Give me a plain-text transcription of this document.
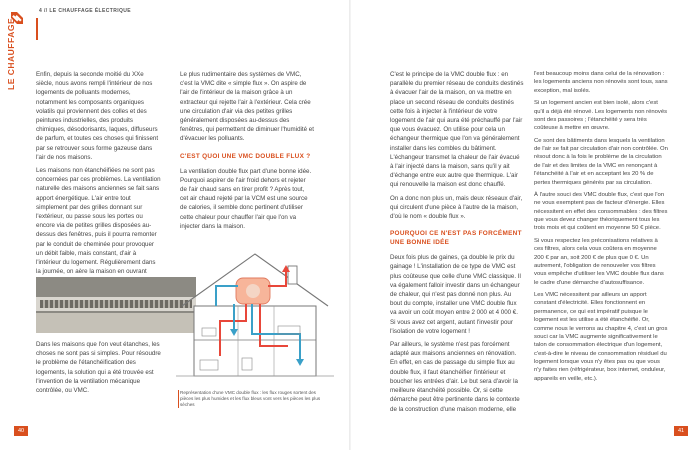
LE CHAUFFAGE
4 // LE CHAUFFAGE ÉLECTRIQUE

Enfin, depuis la seconde moitié du XXe siècle, nous avons rempli l'intérieur de nos logements de polluants modernes, notamment les composants organiques volatils qui proviennent des colles et des peintures industrielles, des produits chimiques, désodorisants, laques, diffuseurs de parfum, et toutes ces choses qui finissent par se retrouver sous forme gazeuse dans l'air de nos maisons.

Les maisons non étanchéifiées ne sont pas concernées par ces problèmes. La ventilation naturelle des maisons anciennes se fait sans apport énergétique. L'air entre tout simplement par des grilles donnant sur l'extérieur, ou passe sous les portes ou encore via de petites grilles disposées au-dessus des fenêtres, puis il pourra remonter par le conduit de cheminée pour provoquer un débit faible, mais constant, d'air à l'intérieur du logement. Régulièrement dans la journée, on aère la maison en ouvrant

Dans les maisons que l'on veut étanches, les choses ne sont pas si simples. Pour résoudre le problème de l'étanchéification des logements, la solution qui a été trouvée est l'invention de la ventilation mécanique contrôlée, ou VMC.

Le plus rudimentaire des systèmes de VMC, c'est la VMC dite « simple flux ». On aspire de l'air de l'intérieur de la maison grâce à un extracteur qui rejette l'air à l'extérieur. Cela crée une circulation d'air via des petites grilles généralement disposées au-dessus des fenêtres, qui permettent de diminuer l'humidité et d'évacuer les polluants.

C'EST QUOI UNE VMC DOUBLE FLUX ?

La ventilation double flux part d'une bonne idée. Pourquoi aspirer de l'air froid dehors et rejeter de l'air chaud sans en tirer profit ? Après tout, cet air chaud rejeté par la VCM est une source de calories, il semble donc pertinent d'utiliser cette chaleur pour chauffer l'air que l'on va injecter dans la maison.

Représentation d'une VMC double flux : les flux rouges sortent des pièces les plus humides et les flux bleus vont vers les pièces les plus sèches
40

C'est le principe de la VMC double flux : en parallèle du premier réseau de conduits destinés à évacuer l'air de la maison, on va mettre en place un second réseau de conduits destinés cette fois à injecter à l'intérieur de votre logement de l'air qui aura été préchauffé par l'air que vous évacuez. On utilise pour cela un échangeur thermique que l'on va généralement installer dans les combles du bâtiment. L'échangeur transmet la chaleur de l'air évacué à l'air injecté dans la maison, sans qu'il y ait d'échange entre eux autre que thermique. L'air qui renouvelle la maison est donc chauffé.

On a donc non plus un, mais deux réseaux d'air, qui circulent d'une pièce à l'autre de la maison, d'où le nom « double flux ».

POURQUOI CE N'EST PAS FORCÉMENT UNE BONNE IDÉE

Deux fois plus de gaines, ça double le prix du gainage ! L'installation de ce type de VMC est plus coûteuse que celle d'une VMC classique. Il va également falloir investir dans un échangeur de chaleur, qui n'est pas donné non plus. Au bout du compte, installer une VMC double flux va avoir un coût moyen entre 2 000 et 4 000 €. Si vous avez cet argent, autant l'investir pour l'isolation de votre logement !

Par ailleurs, le système n'est pas forcément adapté aux maisons anciennes en rénovation. En effet, en cas de passage du simple flux au double flux, il faut étanchéifier l'intérieur et boucher les entrées d'air. Le but sera d'avoir la meilleure étanchéité possible. Or, si cette démarche peut être pertinente dans le contexte de la construction d'une maison moderne, elle

l'est beaucoup moins dans celui de la rénovation : les logements anciens non rénovés sont tous, sans exception, mal isolés.

Si un logement ancien est bien isolé, alors c'est qu'il a déjà été rénové. Les logements non rénovés sont des passoires ; l'étanchéité y sera très coûteuse à mettre en œuvre.

Ce sont des bâtiments dans lesquels la ventilation de l'air se fait par circulation d'air non contrôlée. On résout donc à la fois le problème de la circulation de l'air et des limites de la VMC en renonçant à l'étanchéité à l'air et en acceptant les 20 % de pertes thermiques générés par sa circulation.

À l'autre souci des VMC double flux, c'est que l'on ne vous exemptent pas de facteur d'énergie. Elles nécessitent en effet des consommables : des filtres que vous devez changer théoriquement tous les trois mois et qui coûtent en moyenne 50 € pièce.

Si vous respectez les préconisations relatives à ces filtres, alors cela vous coûtera en moyenne 200 € par an, soit 200 € de plus que 0 €. Un autrement, l'obligation de renouveler vos filtres vous empêche d'utiliser les VMC double flux dans le cadre d'une démarche d'autosuffisance.

Les VMC nécessitent par ailleurs un apport constant d'électricité. Elles fonctionnent en permanence, ce qui est impératif puisque le logement est les utilise a été étanchéifié. Or, comme nous le verrons au chapitre 4, c'est un gros souci car la VMC augmente significativement le talon de consommation électrique d'un logement, c'est-à-dire le niveau de consommation résiduel du logement lorsque vous n'y êtes pas ou que vous n'y faites rien (réfrigérateur, box internet, onduleur, appareils en veille, etc.).

41
